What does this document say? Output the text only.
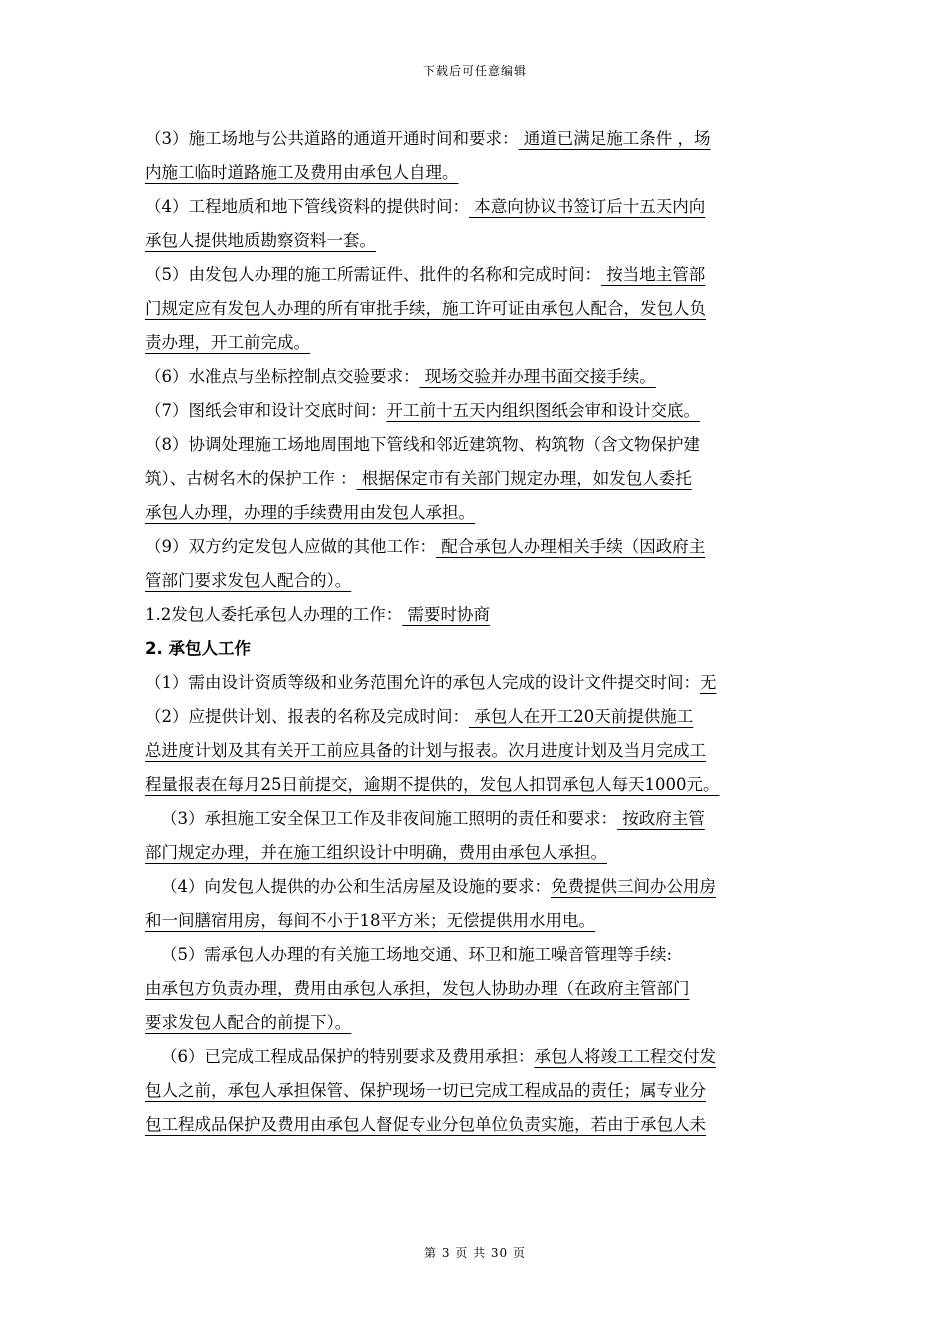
下载后可任意编辑
（3）施工场地与公共道路的通道开通时间和要求： 通道已满足施工条件 ，场
内施工临时道路施工及费用由承包人自理。
（4）工程地质和地下管线资料的提供时间： 本意向协议书签订后十五天内向
承包人提供地质勘察资料一套。
（5）由发包人办理的施工所需证件、批件的名称和完成时间： 按当地主管部
门规定应有发包人办理的所有审批手续，施工许可证由承包人配合，发包人负
责办理，开工前完成。
（6）水准点与坐标控制点交验要求： 现场交验并办理书面交接手续。
（7）图纸会审和设计交底时间：开工前十五天内组织图纸会审和设计交底。
（8）协调处理施工场地周围地下管线和邻近建筑物、构筑物（含文物保护建
筑）、古树名木的保护工作 ： 根据保定市有关部门规定办理，如发包人委托
承包人办理，办理的手续费用由发包人承担。
（9）双方约定发包人应做的其他工作： 配合承包人办理相关手续（因政府主
管部门要求发包人配合的）。
1.2发包人委托承包人办理的工作： 需要时协商
2. 承包人工作
（1）需由设计资质等级和业务范围允许的承包人完成的设计文件提交时间：无
（2）应提供计划、报表的名称及完成时间： 承包人在开工20天前提供施工
总进度计划及其有关开工前应具备的计划与报表。次月进度计划及当月完成工
程量报表在每月25日前提交，逾期不提供的，发包人扣罚承包人每天1000元。
（3）承担施工安全保卫工作及非夜间施工照明的责任和要求： 按政府主管
部门规定办理，并在施工组织设计中明确，费用由承包人承担。
（4）向发包人提供的办公和生活房屋及设施的要求：免费提供三间办公用房
和一间膳宿用房，每间不小于18平方米；无偿提供用水用电。
（5）需承包人办理的有关施工场地交通、环卫和施工噪音管理等手续:
由承包方负责办理，费用由承包人承担，发包人协助办理（在政府主管部门
要求发包人配合的前提下）。
（6）已完成工程成品保护的特别要求及费用承担：承包人将竣工工程交付发
包人之前，承包人承担保管、保护现场一切已完成工程成品的责任；属专业分
包工程成品保护及费用由承包人督促专业分包单位负责实施，若由于承包人未
第 3 页 共 30 页
